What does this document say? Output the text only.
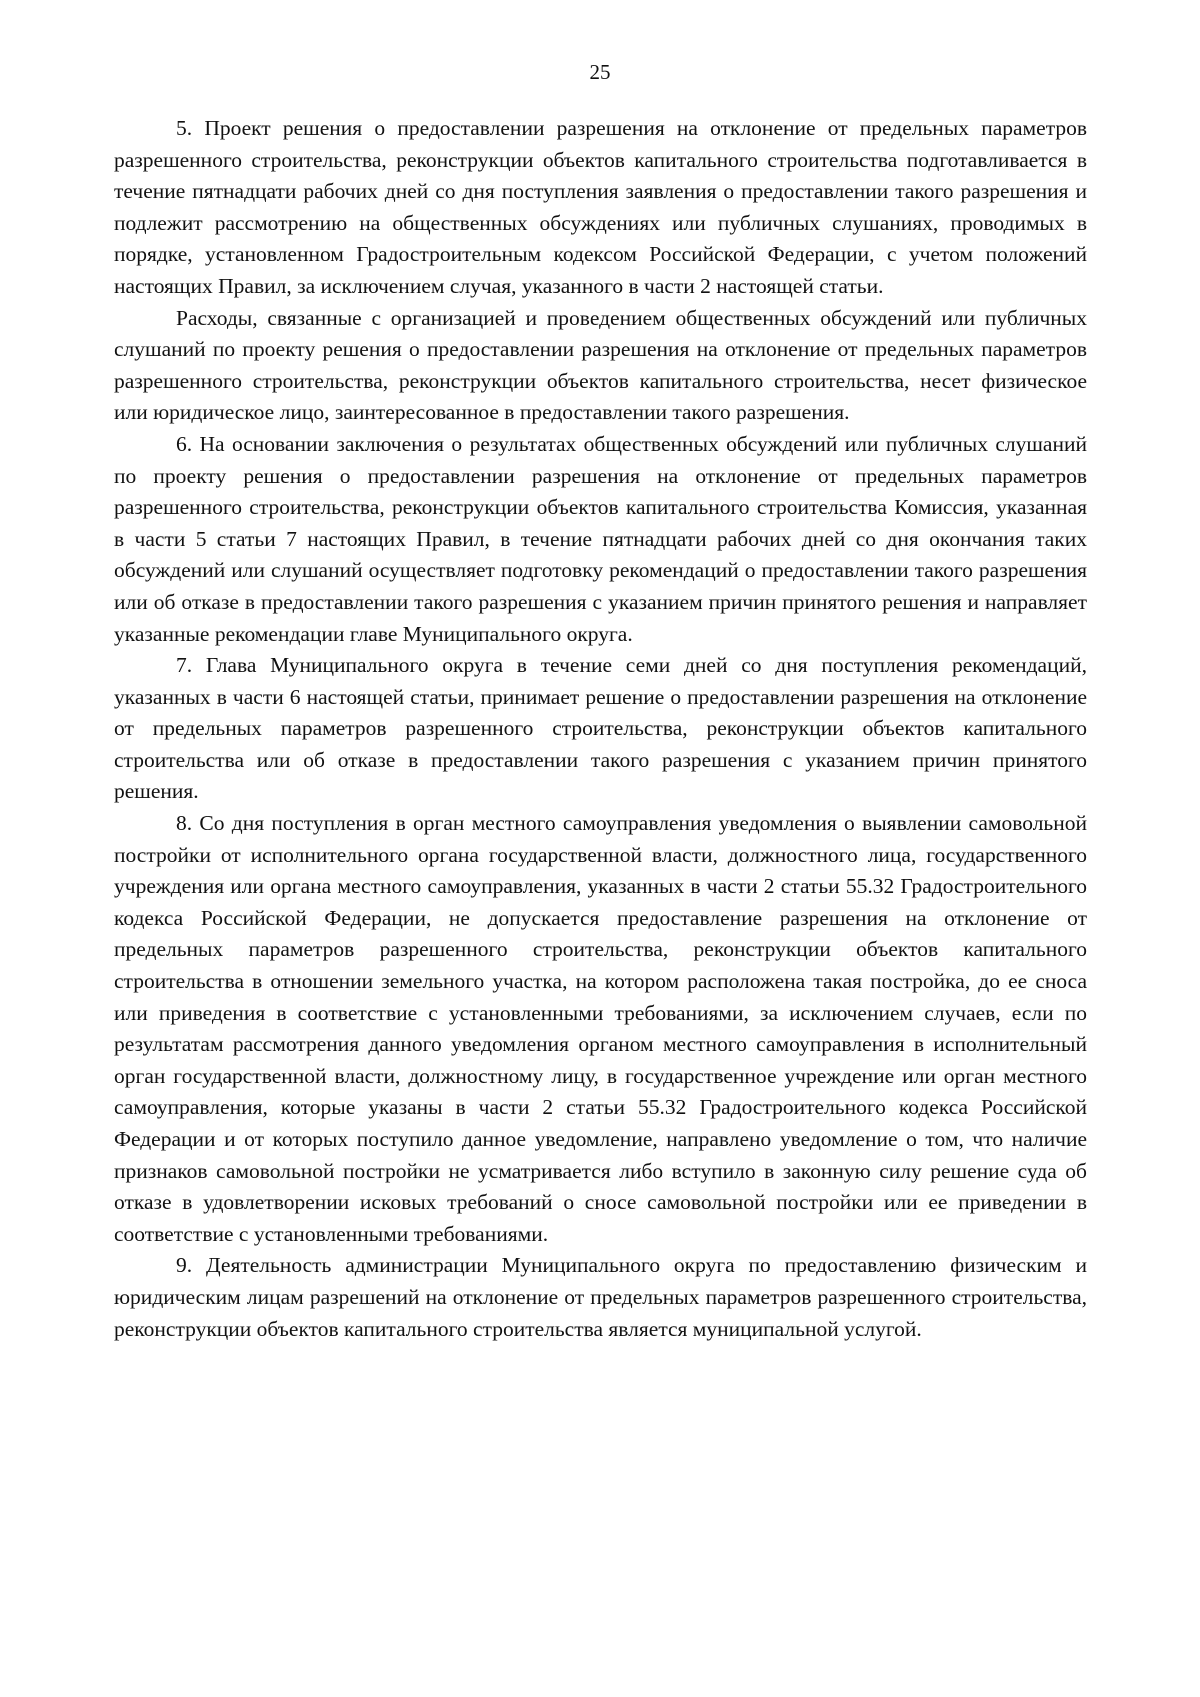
25

5. Проект решения о предоставлении разрешения на отклонение от предельных параметров разрешенного строительства, реконструкции объектов капитального строительства подготавливается в течение пятнадцати рабочих дней со дня поступления заявления о предоставлении такого разрешения и подлежит рассмотрению на общественных обсуждениях или публичных слушаниях, проводимых в порядке, установленном Градостроительным кодексом Российской Федерации, с учетом положений настоящих Правил, за исключением случая, указанного в части 2 настоящей статьи.

Расходы, связанные с организацией и проведением общественных обсуждений или публичных слушаний по проекту решения о предоставлении разрешения на отклонение от предельных параметров разрешенного строительства, реконструкции объектов капитального строительства, несет физическое или юридическое лицо, заинтересованное в предоставлении такого разрешения.

6. На основании заключения о результатах общественных обсуждений или публичных слушаний по проекту решения о предоставлении разрешения на отклонение от предельных параметров разрешенного строительства, реконструкции объектов капитального строительства Комиссия, указанная в части 5 статьи 7 настоящих Правил, в течение пятнадцати рабочих дней со дня окончания таких обсуждений или слушаний осуществляет подготовку рекомендаций о предоставлении такого разрешения или об отказе в предоставлении такого разрешения с указанием причин принятого решения и направляет указанные рекомендации главе Муниципального округа.

7. Глава Муниципального округа в течение семи дней со дня поступления рекомендаций, указанных в части 6 настоящей статьи, принимает решение о предоставлении разрешения на отклонение от предельных параметров разрешенного строительства, реконструкции объектов капитального строительства или об отказе в предоставлении такого разрешения с указанием причин принятого решения.

8. Со дня поступления в орган местного самоуправления уведомления о выявлении самовольной постройки от исполнительного органа государственной власти, должностного лица, государственного учреждения или органа местного самоуправления, указанных в части 2 статьи 55.32 Градостроительного кодекса Российской Федерации, не допускается предоставление разрешения на отклонение от предельных параметров разрешенного строительства, реконструкции объектов капитального строительства в отношении земельного участка, на котором расположена такая постройка, до ее сноса или приведения в соответствие с установленными требованиями, за исключением случаев, если по результатам рассмотрения данного уведомления органом местного самоуправления в исполнительный орган государственной власти, должностному лицу, в государственное учреждение или орган местного самоуправления, которые указаны в части 2 статьи 55.32 Градостроительного кодекса Российской Федерации и от которых поступило данное уведомление, направлено уведомление о том, что наличие признаков самовольной постройки не усматривается либо вступило в законную силу решение суда об отказе в удовлетворении исковых требований о сносе самовольной постройки или ее приведении в соответствие с установленными требованиями.

9. Деятельность администрации Муниципального округа по предоставлению физическим и юридическим лицам разрешений на отклонение от предельных параметров разрешенного строительства, реконструкции объектов капитального строительства является муниципальной услугой.
